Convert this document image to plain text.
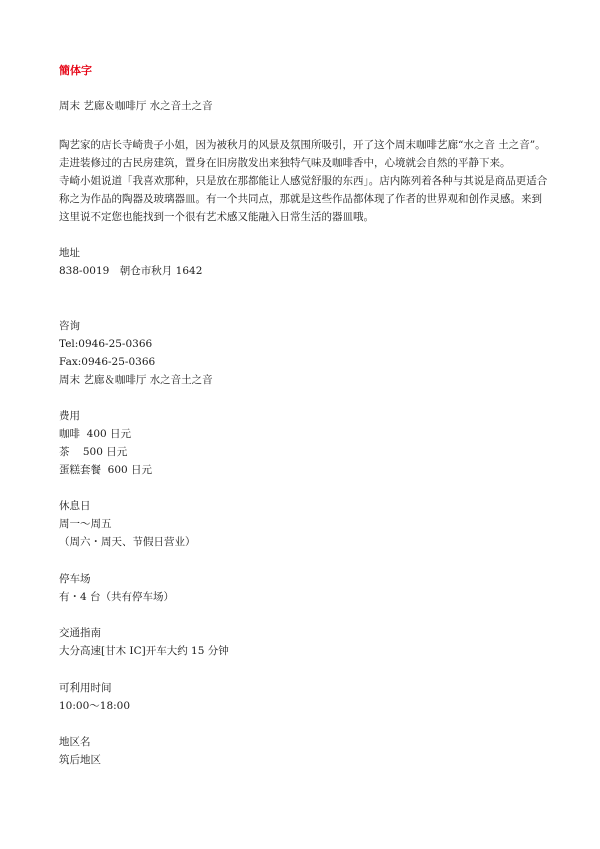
簡体字
周末 艺廊＆咖啡厅 水之音土之音

陶艺家的店长寺崎贵子小姐，因为被秋月的风景及氛围所吸引，开了这个周末咖啡艺廊“水之音 土之音”。

走进装修过的古民房建筑，置身在旧房散发出来独特气味及咖啡香中，心境就会自然的平静下来。

寺崎小姐说道「我喜欢那种，只是放在那都能让人感觉舒服的东西」。店内陈列着各种与其说是商品更适合称之为作品的陶器及玻璃器皿。有一个共同点，那就是这些作品都体现了作者的世界观和创作灵感。来到这里说不定您也能找到一个很有艺术感又能融入日常生活的器皿哦。

地址

838-0019　朝仓市秋月 1642

咨询

Tel:0946-25-0366

Fax:0946-25-0366

周末 艺廊＆咖啡厅 水之音土之音

费用

咖啡  400 日元

茶    500 日元

蛋糕套餐  600 日元

休息日

周一～周五

（周六・周天、节假日营业）

停车场

有・4 台（共有停车场）

交通指南

大分高速[甘木 IC]开车大约 15 分钟

可利用时间

10:00～18:00

地区名

筑后地区
